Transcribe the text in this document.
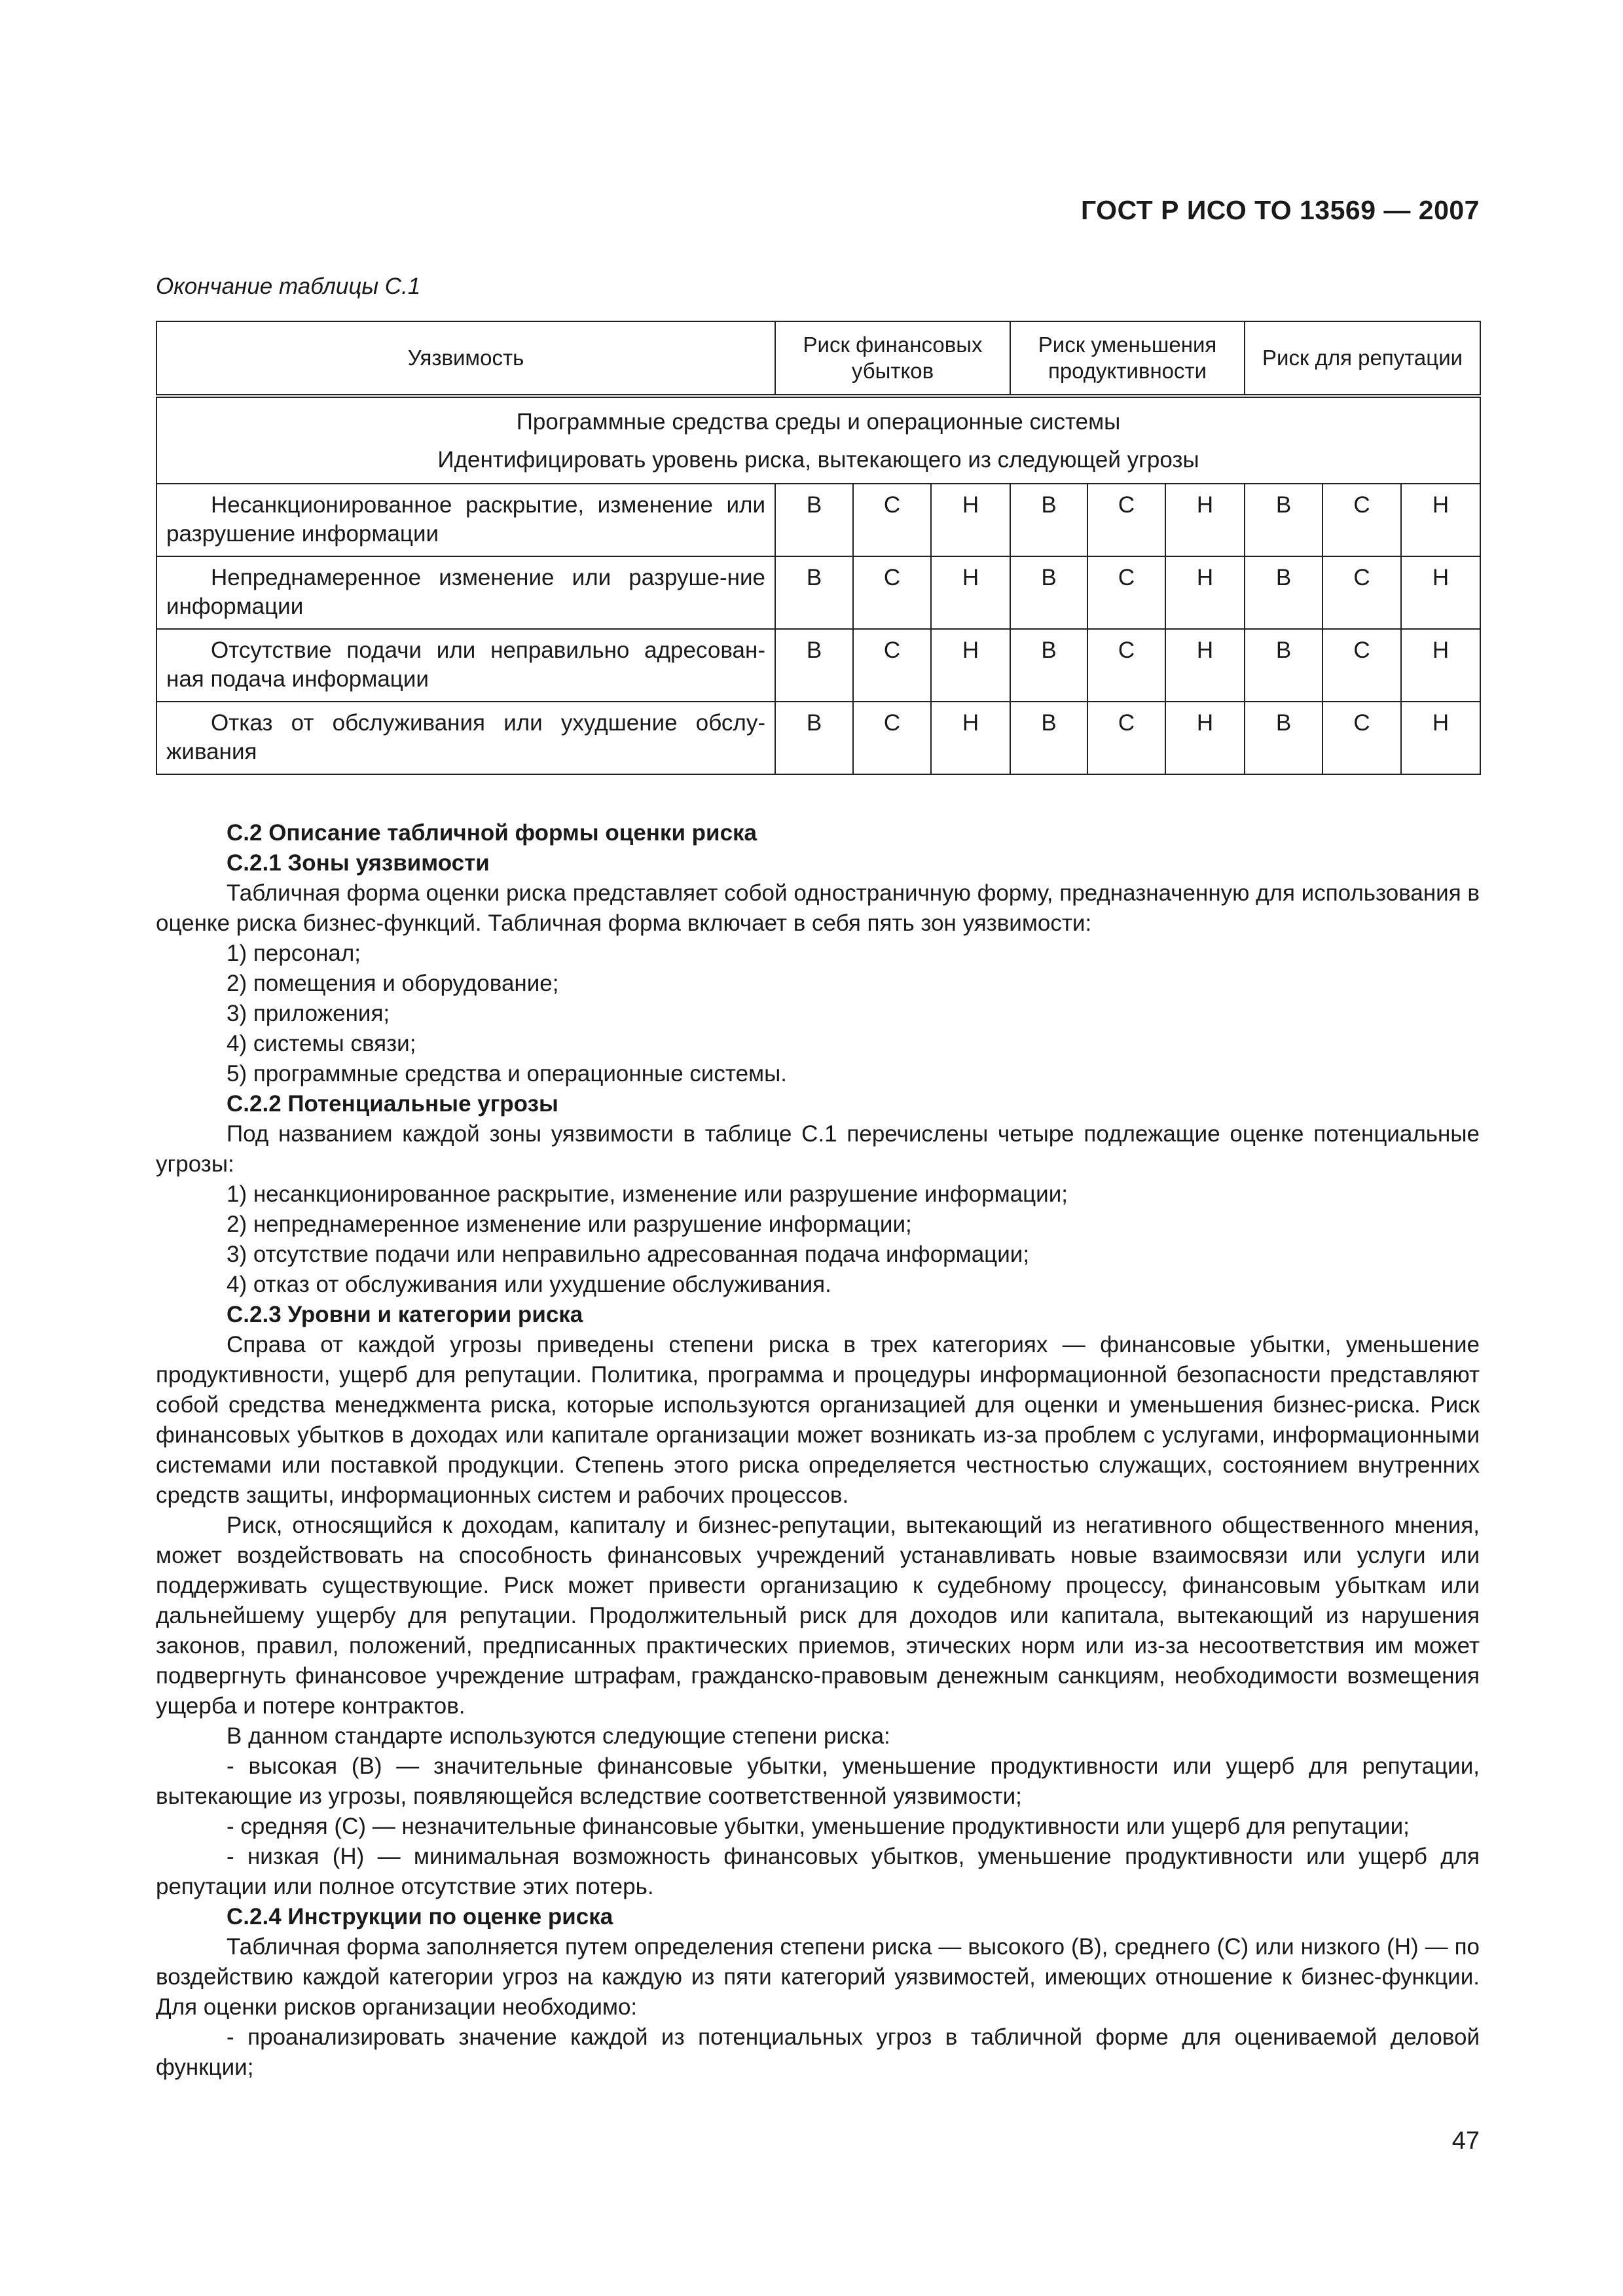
ГОСТ Р ИСО ТО 13569 — 2007
Окончание таблицы С.1
Уязвимость	Риск финансовых убытков			Риск уменьшения продуктивности			Риск для репутации		

Программные средства среды и операционные системы
Идентифицировать уровень риска, вытекающего из следующей угрозы									

Несанкционированное раскрытие, изменение или разрушение информации	В	С	Н	В	С	Н	В	С	Н
Непреднамеренное изменение или разруше-ние информации	В	С	Н	В	С	Н	В	С	Н
Отсутствие подачи или неправильно адресован-ная подача информации	В	С	Н	В	С	Н	В	С	Н
Отказ от обслуживания или ухудшение обслу-живания	В	С	Н	В	С	Н	В	С	Н

С.2 Описание табличной формы оценки риска

С.2.1 Зоны уязвимости

Табличная форма оценки риска представляет собой одностраничную форму, предназначенную для использования в оценке риска бизнес-функций. Табличная форма включает в себя пять зон уязвимости:

1) персонал;

2) помещения и оборудование;

3) приложения;

4) системы связи;

5) программные средства и операционные системы.

С.2.2 Потенциальные угрозы

Под названием каждой зоны уязвимости в таблице С.1 перечислены четыре подлежащие оценке потенциальные угрозы:

1) несанкционированное раскрытие, изменение или разрушение информации;

2) непреднамеренное изменение или разрушение информации;

3) отсутствие подачи или неправильно адресованная подача информации;

4) отказ от обслуживания или ухудшение обслуживания.

С.2.3 Уровни и категории риска

Справа от каждой угрозы приведены степени риска в трех категориях — финансовые убытки, уменьшение продуктивности, ущерб для репутации. Политика, программа и процедуры информационной безопасности представляют собой средства менеджмента риска, которые используются организацией для оценки и уменьшения бизнес-риска. Риск финансовых убытков в доходах или капитале организации может возникать из-за проблем с услугами, информационными системами или поставкой продукции. Степень этого риска определяется честностью служащих, состоянием внутренних средств защиты, информационных систем и рабочих процессов.

Риск, относящийся к доходам, капиталу и бизнес-репутации, вытекающий из негативного общественного мнения, может воздействовать на способность финансовых учреждений устанавливать новые взаимосвязи или услуги или поддерживать существующие. Риск может привести организацию к судебному процессу, финансовым убыткам или дальнейшему ущербу для репутации. Продолжительный риск для доходов или капитала, вытекающий из нарушения законов, правил, положений, предписанных практических приемов, этических норм или из-за несоответствия им может подвергнуть финансовое учреждение штрафам, гражданско-правовым денежным санкциям, необходимости возмещения ущерба и потере контрактов.

В данном стандарте используются следующие степени риска:

- высокая (В) — значительные финансовые убытки, уменьшение продуктивности или ущерб для репутации, вытекающие из угрозы, появляющейся вследствие соответственной уязвимости;

- средняя (С) — незначительные финансовые убытки, уменьшение продуктивности или ущерб для репутации;

- низкая (Н) — минимальная возможность финансовых убытков, уменьшение продуктивности или ущерб для репутации или полное отсутствие этих потерь.

С.2.4 Инструкции по оценке риска

Табличная форма заполняется путем определения степени риска — высокого (В), среднего (С) или низкого (Н) — по воздействию каждой категории угроз на каждую из пяти категорий уязвимостей, имеющих отношение к бизнес-функции. Для оценки рисков организации необходимо:

- проанализировать значение каждой из потенциальных угроз в табличной форме для оцениваемой деловой функции;

47
